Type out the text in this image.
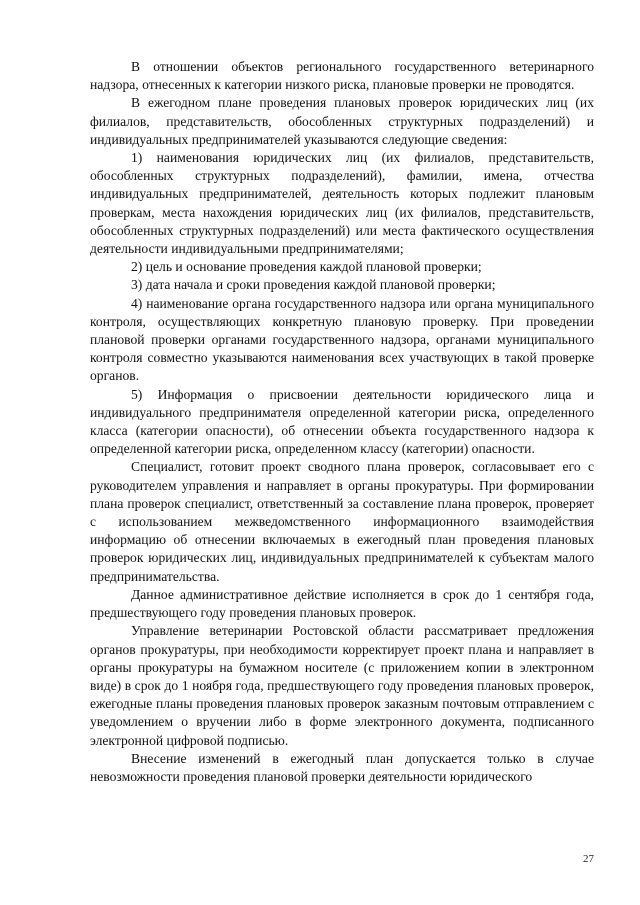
В отношении объектов регионального государственного ветеринарного надзора, отнесенных к категории низкого риска, плановые проверки не проводятся.

В ежегодном плане проведения плановых проверок юридических лиц (их филиалов, представительств, обособленных структурных подразделений) и индивидуальных предпринимателей указываются следующие сведения:

1) наименования юридических лиц (их филиалов, представительств, обособленных структурных подразделений), фамилии, имена, отчества индивидуальных предпринимателей, деятельность которых подлежит плановым проверкам, места нахождения юридических лиц (их филиалов, представительств, обособленных структурных подразделений) или места фактического осуществления деятельности индивидуальными предпринимателями;

2) цель и основание проведения каждой плановой проверки;

3) дата начала и сроки проведения каждой плановой проверки;

4) наименование органа государственного надзора или органа муниципального контроля, осуществляющих конкретную плановую проверку. При проведении плановой проверки органами государственного надзора, органами муниципального контроля совместно указываются наименования всех участвующих в такой проверке органов.

5) Информация о присвоении деятельности юридического лица и индивидуального предпринимателя определенной категории риска, определенного класса (категории опасности), об отнесении объекта государственного надзора к определенной категории риска, определенном классу (категории) опасности.

Специалист, готовит проект сводного плана проверок, согласовывает его с руководителем управления и направляет в органы прокуратуры. При формировании плана проверок специалист, ответственный за составление плана проверок, проверяет с использованием межведомственного информационного взаимодействия информацию об отнесении включаемых в ежегодный план проведения плановых проверок юридических лиц, индивидуальных предпринимателей к субъектам малого предпринимательства.

Данное административное действие исполняется в срок до 1 сентября года, предшествующего году проведения плановых проверок.

Управление ветеринарии Ростовской области рассматривает предложения органов прокуратуры, при необходимости корректирует проект плана и направляет в органы прокуратуры на бумажном носителе (с приложением копии в электронном виде) в срок до 1 ноября года, предшествующего году проведения плановых проверок, ежегодные планы проведения плановых проверок заказным почтовым отправлением с уведомлением о вручении либо в форме электронного документа, подписанного электронной цифровой подписью.

Внесение изменений в ежегодный план допускается только в случае невозможности проведения плановой проверки деятельности юридического

27
